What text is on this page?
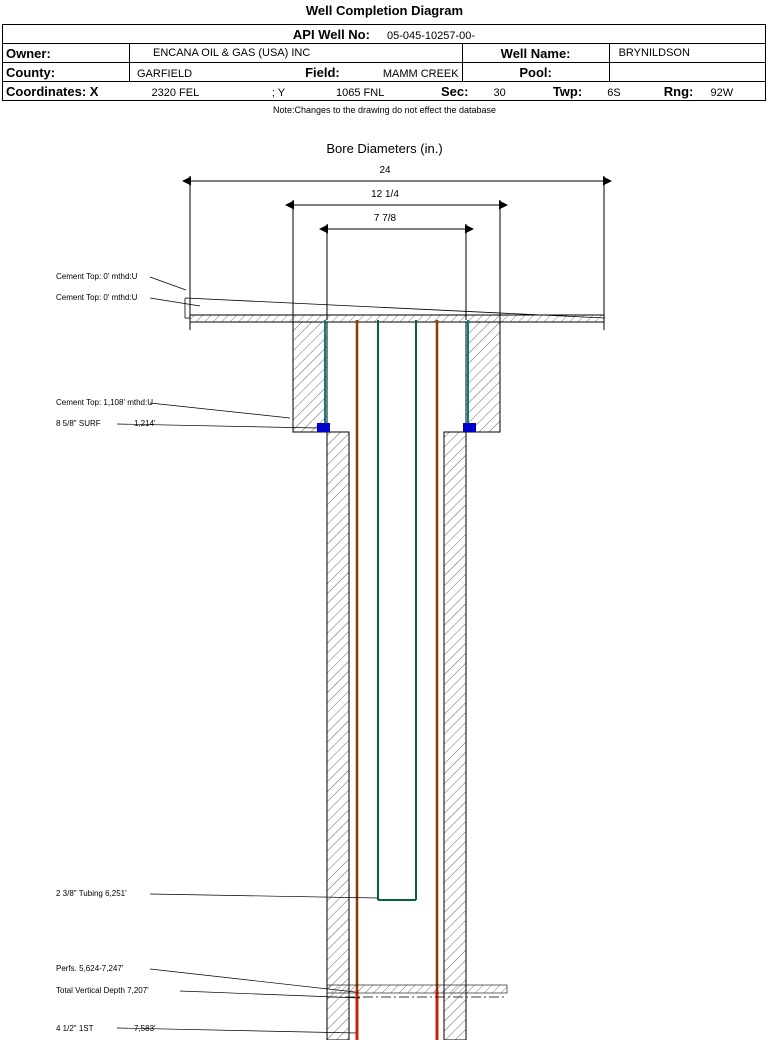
Well Completion Diagram
API Well No: 05-045-10257-00-			
Owner:	ENCANA OIL & GAS (USA) INC	Well Name:	BRYNILDSON
County:	GARFIELD Field: MAMM CREEK	Pool:	
Coordinates: X 2320 FEL ; Y 1065 FNL Sec: 30 Twp: 6S Rng: 92W			
Note:Changes to the drawing do not effect the database
Bore Diameters (in.)
24
12 1/4
7 7/8
Cement Top: 0' mthd:U
Cement Top: 0' mthd:U
Cement Top: 1,108' mthd:U
8 5/8" SURF	1,214'
2 3/8" Tubing 6,251'
Perfs. 5,624-7,247'
Total Vertical Depth 7,207'
4 1/2" 1ST	7,583'
